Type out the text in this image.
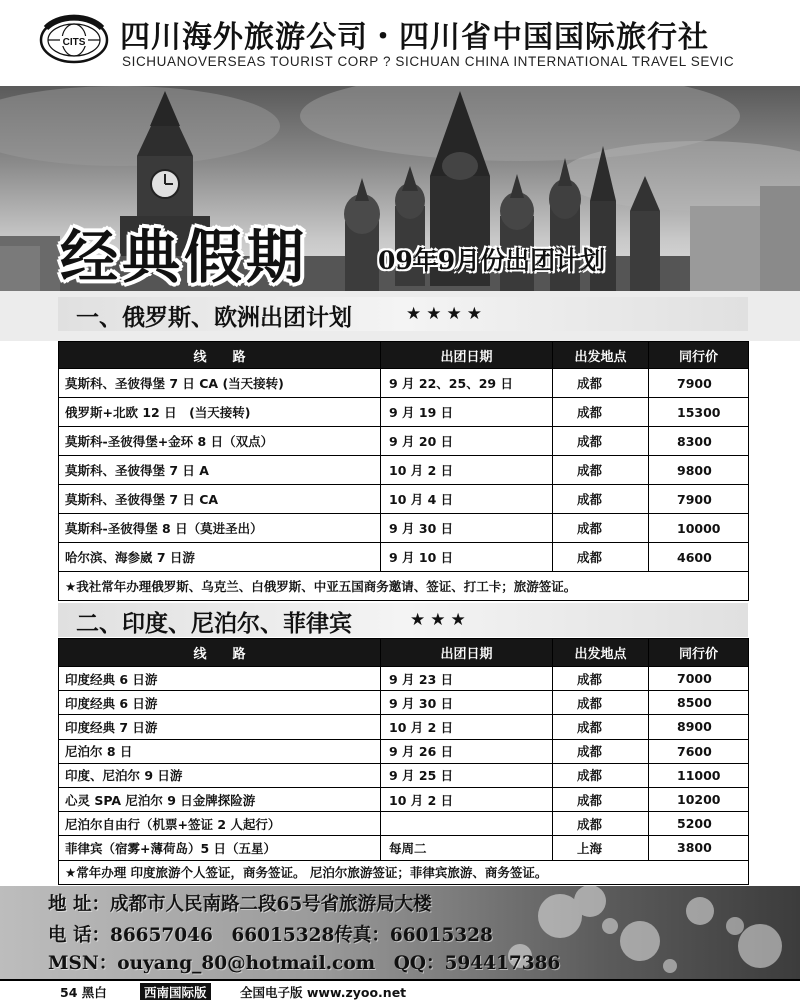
CITS 四川海外旅游公司・四川省中国国际旅行社
SICHUANOVERSEAS TOURIST CORP ? SICHUAN CHINA INTERNATIONAL TRAVEL SEVIC
经典假期	09年9月份出团计划
一、俄罗斯、欧洲出团计划	★★★★
线　　路	出团日期	出发地点	同行价
莫斯科、圣彼得堡 7 日 CA (当天接转)	9 月 22、25、29 日	成都	7900
俄罗斯+北欧 12 日　(当天接转)	9 月 19 日	成都	15300
莫斯科-圣彼得堡+金环 8 日（双点）	9 月 20 日	成都	8300
莫斯科、圣彼得堡 7 日 A	10 月 2 日	成都	9800
莫斯科、圣彼得堡 7 日 CA	10 月 4 日	成都	7900
莫斯科-圣彼得堡 8 日（莫进圣出）	9 月 30 日	成都	10000
哈尔滨、海参崴 7 日游	9 月 10 日	成都	4600
★我社常年办理俄罗斯、乌克兰、白俄罗斯、中亚五国商务邀请、签证、打工卡；旅游签证。			
二、印度、尼泊尔、菲律宾	★★★
线　　路	出团日期	出发地点	同行价
印度经典 6 日游	9 月 23 日	成都	7000
印度经典 6 日游	9 月 30 日	成都	8500
印度经典 7 日游	10 月 2 日	成都	8900
尼泊尔 8 日	9 月 26 日	成都	7600
印度、尼泊尔 9 日游	9 月 25 日	成都	11000
心灵 SPA 尼泊尔 9 日金牌探险游	10 月 2 日	成都	10200
尼泊尔自由行（机票+签证 2 人起行）		成都	5200
菲律宾（宿雾+薄荷岛）5 日（五星）	每周二	上海	3800
★常年办理 印度旅游个人签证，商务签证。 尼泊尔旅游签证；菲律宾旅游、商务签证。			
地 址：成都市人民南路二段65号省旅游局大楼
电 话：86657046　66015328传真：66015328
MSN：ouyang_80@hotmail.com　QQ：594417386
54 黑白	西南国际版	全国电子版 www.zyoo.net
